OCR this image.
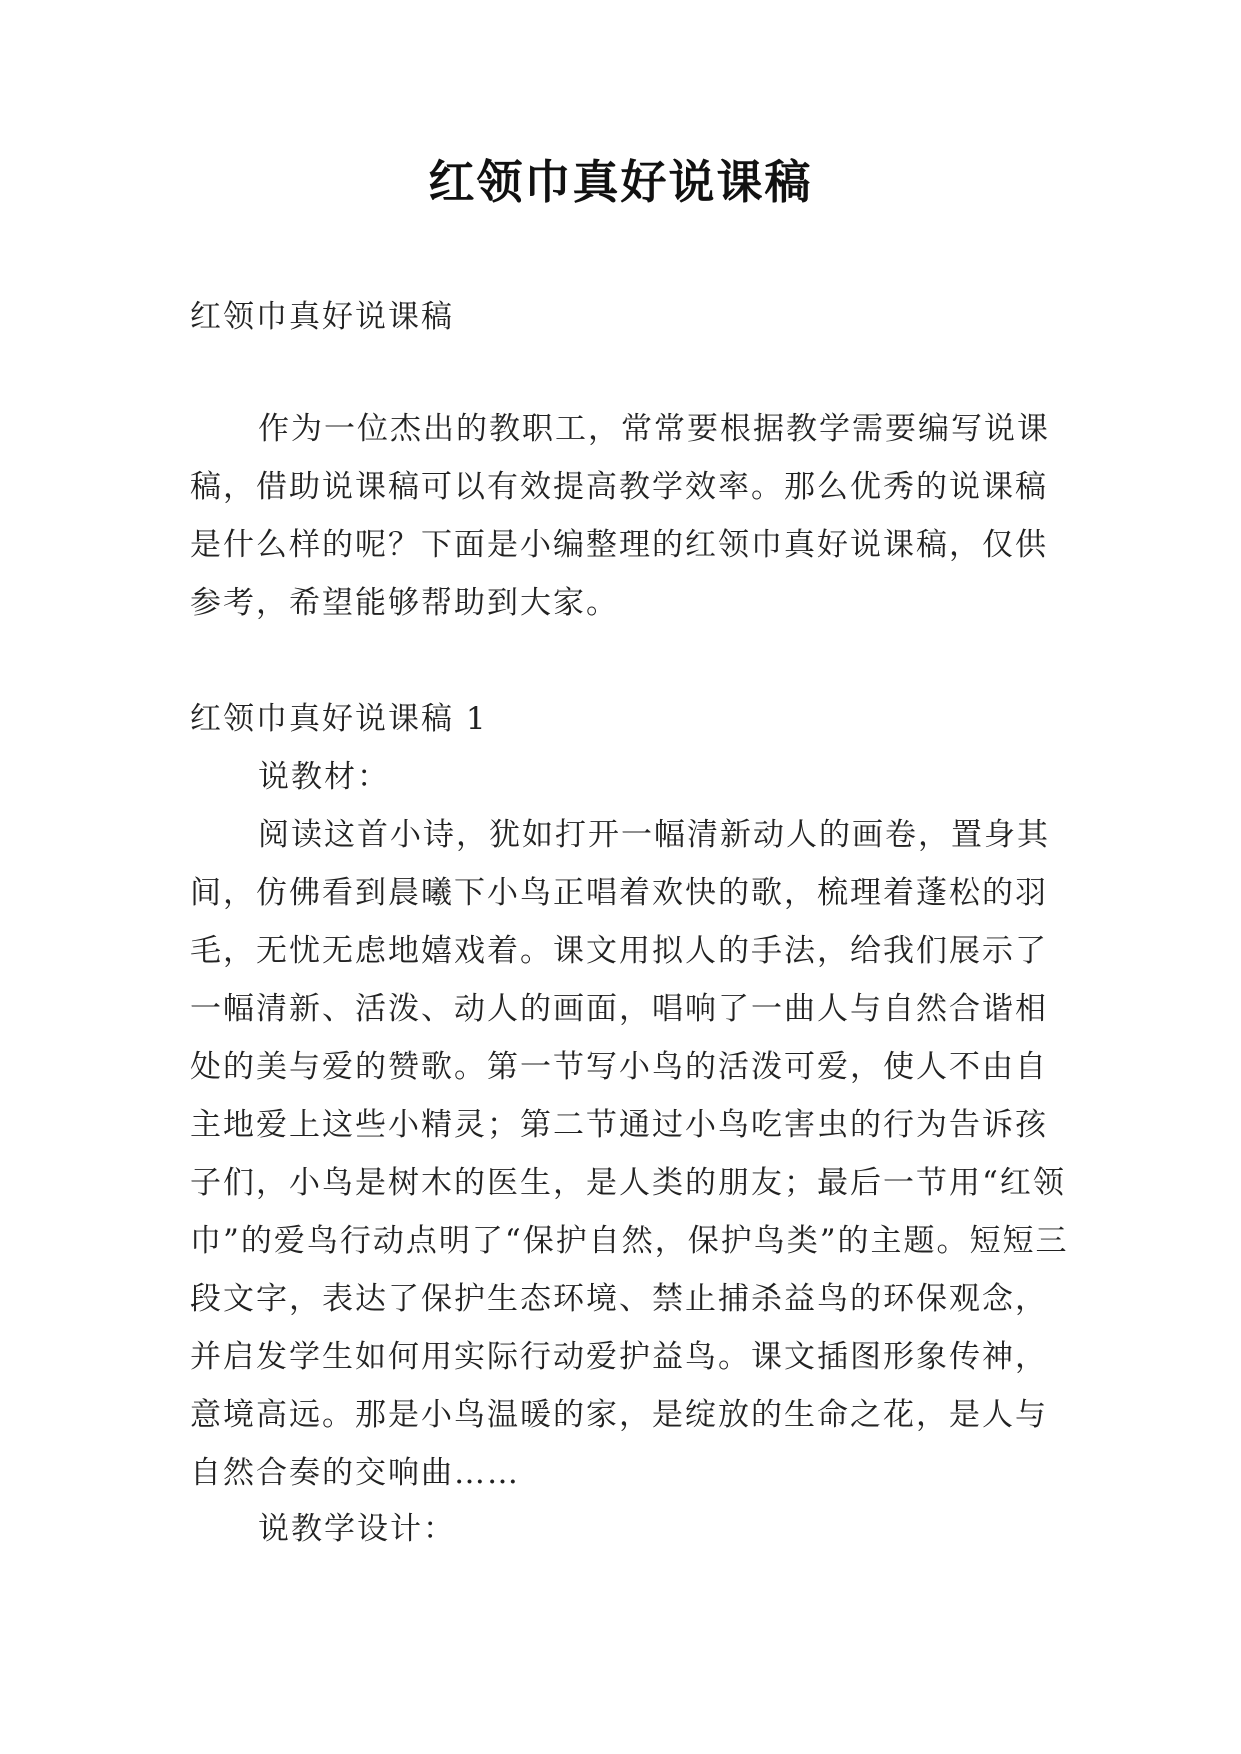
红领巾真好说课稿

红领巾真好说课稿

作为一位杰出的教职工，常常要根据教学需要编写说课稿，借助说课稿可以有效提高教学效率。那么优秀的说课稿是什么样的呢？下面是小编整理的红领巾真好说课稿，仅供参考，希望能够帮助到大家。

红领巾真好说课稿 1

说教材：

阅读这首小诗，犹如打开一幅清新动人的画卷，置身其间，仿佛看到晨曦下小鸟正唱着欢快的歌，梳理着蓬松的羽毛，无忧无虑地嬉戏着。课文用拟人的手法，给我们展示了一幅清新、活泼、动人的画面，唱响了一曲人与自然合谐相处的美与爱的赞歌。第一节写小鸟的活泼可爱，使人不由自主地爱上这些小精灵；第二节通过小鸟吃害虫的行为告诉孩子们，小鸟是树木的医生，是人类的朋友；最后一节用“红领巾”的爱鸟行动点明了“保护自然，保护鸟类”的主题。短短三段文字，表达了保护生态环境、禁止捕杀益鸟的环保观念，并启发学生如何用实际行动爱护益鸟。课文插图形象传神，意境高远。那是小鸟温暖的家，是绽放的生命之花，是人与自然合奏的交响曲……

说教学设计：
